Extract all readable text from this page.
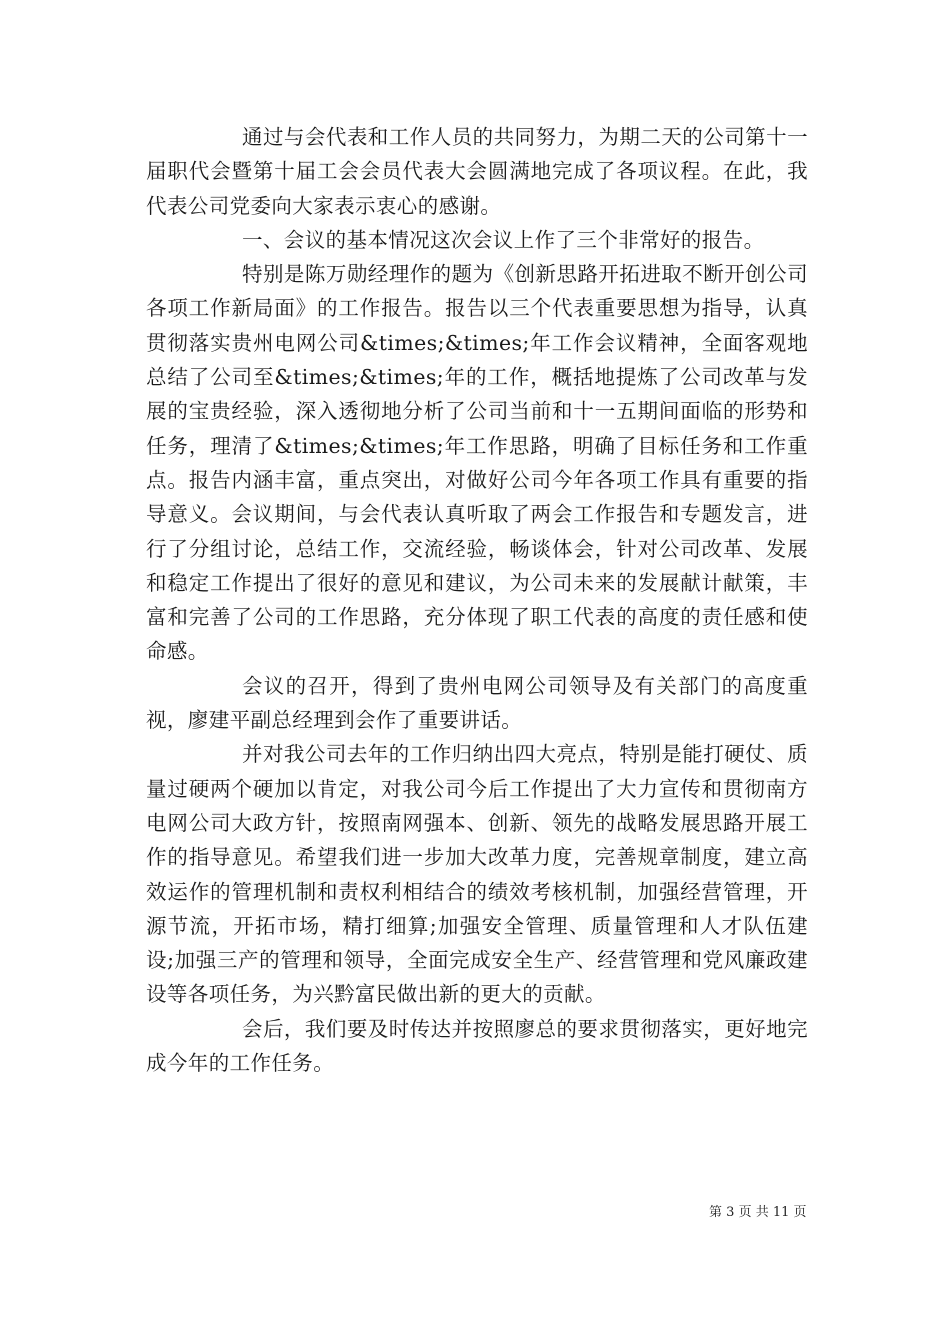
通过与会代表和工作人员的共同努力，为期二天的公司第十一届职代会暨第十届工会会员代表大会圆满地完成了各项议程。在此，我代表公司党委向大家表示衷心的感谢。

一、会议的基本情况这次会议上作了三个非常好的报告。

特别是陈万勋经理作的题为《创新思路开拓进取不断开创公司各项工作新局面》的工作报告。报告以三个代表重要思想为指导，认真贯彻落实贵州电网公司&times;&times;年工作会议精神，全面客观地总结了公司至&times;&times;年的工作，概括地提炼了公司改革与发展的宝贵经验，深入透彻地分析了公司当前和十一五期间面临的形势和任务，理清了&times;&times;年工作思路，明确了目标任务和工作重点。报告内涵丰富，重点突出，对做好公司今年各项工作具有重要的指导意义。会议期间，与会代表认真听取了两会工作报告和专题发言，进行了分组讨论，总结工作，交流经验，畅谈体会，针对公司改革、发展和稳定工作提出了很好的意见和建议，为公司未来的发展献计献策，丰富和完善了公司的工作思路，充分体现了职工代表的高度的责任感和使命感。

会议的召开，得到了贵州电网公司领导及有关部门的高度重视，廖建平副总经理到会作了重要讲话。

并对我公司去年的工作归纳出四大亮点，特别是能打硬仗、质量过硬两个硬加以肯定，对我公司今后工作提出了大力宣传和贯彻南方电网公司大政方针，按照南网强本、创新、领先的战略发展思路开展工作的指导意见。希望我们进一步加大改革力度，完善规章制度，建立高效运作的管理机制和责权利相结合的绩效考核机制，加强经营管理，开源节流，开拓市场，精打细算;加强安全管理、质量管理和人才队伍建设;加强三产的管理和领导，全面完成安全生产、经营管理和党风廉政建设等各项任务，为兴黔富民做出新的更大的贡献。

会后，我们要及时传达并按照廖总的要求贯彻落实，更好地完成今年的工作任务。

第 3 页 共 11 页
